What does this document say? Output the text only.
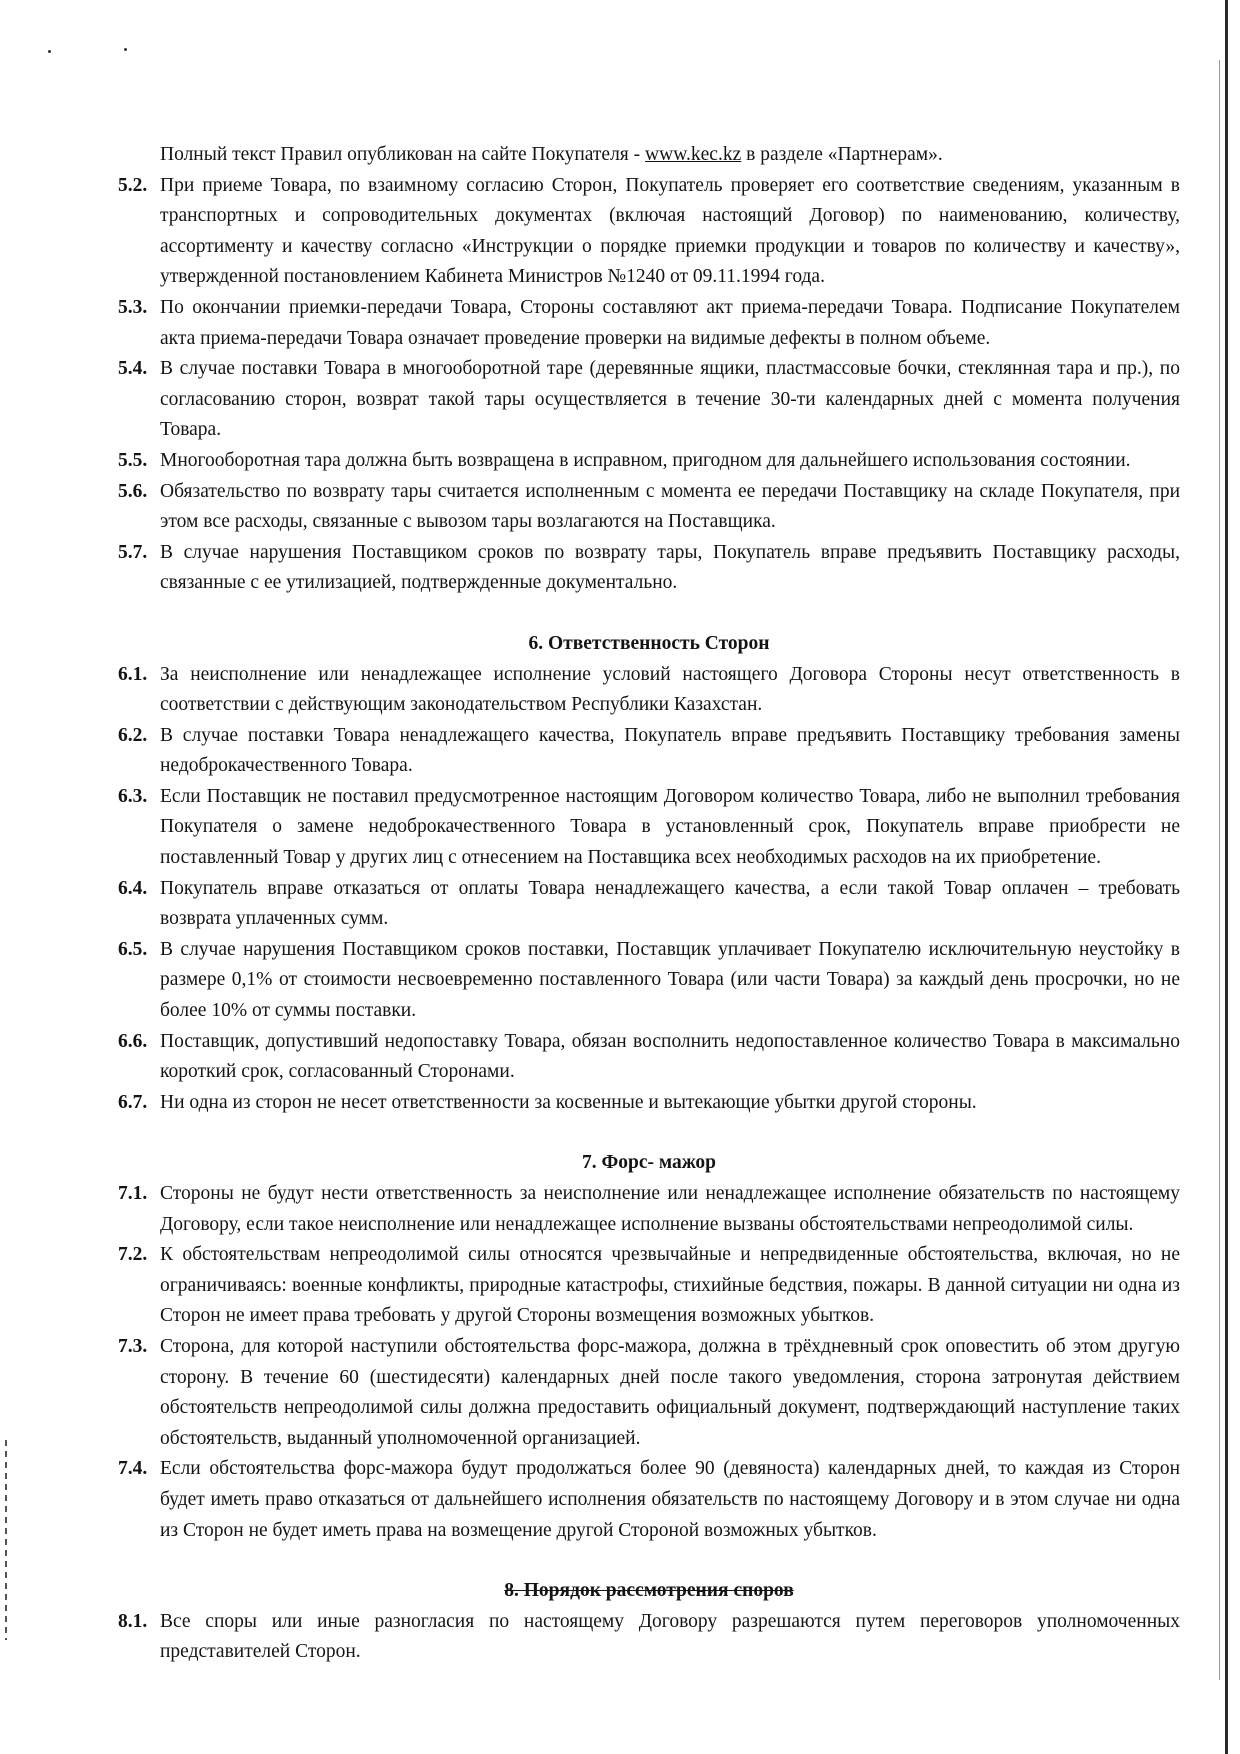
Полный текст Правил опубликован на сайте Покупателя - www.kec.kz в разделе «Партнерам».
5.2. При приеме Товара, по взаимному согласию Сторон, Покупатель проверяет его соответствие сведениям, указанным в транспортных и сопроводительных документах (включая настоящий Договор) по наименованию, количеству, ассортименту и качеству согласно «Инструкции о порядке приемки продукции и товаров по количеству и качеству», утвержденной постановлением Кабинета Министров №1240 от 09.11.1994 года.
5.3. По окончании приемки-передачи Товара, Стороны составляют акт приема-передачи Товара. Подписание Покупателем акта приема-передачи Товара означает проведение проверки на видимые дефекты в полном объеме.
5.4. В случае поставки Товара в многооборотной таре (деревянные ящики, пластмассовые бочки, стеклянная тара и пр.), по согласованию сторон, возврат такой тары осуществляется в течение 30-ти календарных дней с момента получения Товара.
5.5. Многооборотная тара должна быть возвращена в исправном, пригодном для дальнейшего использования состоянии.
5.6. Обязательство по возврату тары считается исполненным с момента ее передачи Поставщику на складе Покупателя, при этом все расходы, связанные с вывозом тары возлагаются на Поставщика.
5.7. В случае нарушения Поставщиком сроков по возврату тары, Покупатель вправе предъявить Поставщику расходы, связанные с ее утилизацией, подтвержденные документально.
6. Ответственность Сторон
6.1. За неисполнение или ненадлежащее исполнение условий настоящего Договора Стороны несут ответственность в соответствии с действующим законодательством Республики Казахстан.
6.2. В случае поставки Товара ненадлежащего качества, Покупатель вправе предъявить Поставщику требования замены недоброкачественного Товара.
6.3. Если Поставщик не поставил предусмотренное настоящим Договором количество Товара, либо не выполнил требования Покупателя о замене недоброкачественного Товара в установленный срок, Покупатель вправе приобрести не поставленный Товар у других лиц с отнесением на Поставщика всех необходимых расходов на их приобретение.
6.4. Покупатель вправе отказаться от оплаты Товара ненадлежащего качества, а если такой Товар оплачен – требовать возврата уплаченных сумм.
6.5. В случае нарушения Поставщиком сроков поставки, Поставщик уплачивает Покупателю исключительную неустойку в размере 0,1% от стоимости несвоевременно поставленного Товара (или части Товара) за каждый день просрочки, но не более 10% от суммы поставки.
6.6. Поставщик, допустивший недопоставку Товара, обязан восполнить недопоставленное количество Товара в максимально короткий срок, согласованный Сторонами.
6.7. Ни одна из сторон не несет ответственности за косвенные и вытекающие убытки другой стороны.
7. Форс- мажор
7.1. Стороны не будут нести ответственность за неисполнение или ненадлежащее исполнение обязательств по настоящему Договору, если такое неисполнение или ненадлежащее исполнение вызваны обстоятельствами непреодолимой силы.
7.2. К обстоятельствам непреодолимой силы относятся чрезвычайные и непредвиденные обстоятельства, включая, но не ограничиваясь: военные конфликты, природные катастрофы, стихийные бедствия, пожары. В данной ситуации ни одна из Сторон не имеет права требовать у другой Стороны возмещения возможных убытков.
7.3. Сторона, для которой наступили обстоятельства форс-мажора, должна в трёхдневный срок оповестить об этом другую сторону. В течение 60 (шестидесяти) календарных дней после такого уведомления, сторона затронутая действием обстоятельств непреодолимой силы должна предоставить официальный документ, подтверждающий наступление таких обстоятельств, выданный уполномоченной организацией.
7.4. Если обстоятельства форс-мажора будут продолжаться более 90 (девяноста) календарных дней, то каждая из Сторон будет иметь право отказаться от дальнейшего исполнения обязательств по настоящему Договору и в этом случае ни одна из Сторон не будет иметь права на возмещение другой Стороной возможных убытков.
8. Порядок рассмотрения споров
8.1. Все споры или иные разногласия по настоящему Договору разрешаются путем переговоров уполномоченных представителей Сторон.
